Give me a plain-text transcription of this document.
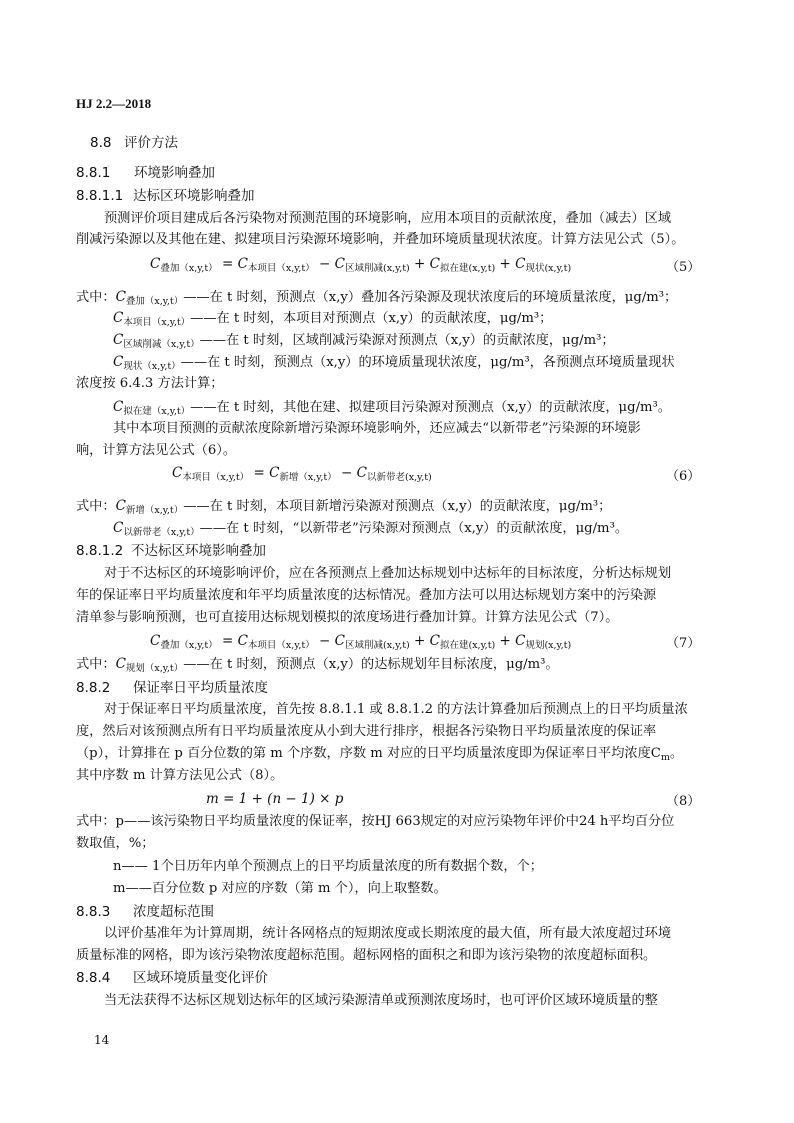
HJ 2.2—2018
8.8 评价方法
8.8.1 环境影响叠加
8.8.1.1 达标区环境影响叠加
预测评价项目建成后各污染物对预测范围的环境影响，应用本项目的贡献浓度，叠加（减去）区域
削减污染源以及其他在建、拟建项目污染源环境影响，并叠加环境质量现状浓度。计算方法见公式（5）。
$C_{叠加(x,y,t)} = C_{本项目(x,y,t)} - C_{区域削减(x,y,t)} + C_{拟在建(x,y,t)} + C_{现状(x,y,t)}$	（5）
式中：$C_{叠加(x,y,t)}——$在 t 时刻，预测点（x,y）叠加各污染源及现状浓度后的环境质量浓度，μg/m³；
$C_{本项目(x,y,t)}——$在 t 时刻，本项目对预测点（x,y）的贡献浓度，μg/m³；
$C_{区域削减(x,y,t)}——$在 t 时刻，区域削减污染源对预测点（x,y）的贡献浓度，μg/m³；
$C_{现状(x,y,t)}——$在 t 时刻，预测点（x,y）的环境质量现状浓度，μg/m³，各预测点环境质量现状
浓度按 6.4.3 方法计算；
$C_{拟在建(x,y,t)}——$在 t 时刻，其他在建、拟建项目污染源对预测点（x,y）的贡献浓度，μg/m³。
其中本项目预测的贡献浓度除新增污染源环境影响外，还应减去“以新带老”污染源的环境影
响，计算方法见公式（6）。
$C_{本项目(x,y,t)} = C_{新增(x,y,t)} - C_{以新带老(x,y,t)}$	（6）
式中：$C_{新增(x,y,t)}——$在 t 时刻，本项目新增污染源对预测点（x,y）的贡献浓度，μg/m³；
$C_{以新带老(x,y,t)}——$在 t 时刻，“以新带老”污染源对预测点（x,y）的贡献浓度，μg/m³。
8.8.1.2 不达标区环境影响叠加
对于不达标区的环境影响评价，应在各预测点上叠加达标规划中达标年的目标浓度，分析达标规划
年的保证率日平均质量浓度和年平均质量浓度的达标情况。叠加方法可以用达标规划方案中的污染源
清单参与影响预测，也可直接用达标规划模拟的浓度场进行叠加计算。计算方法见公式（7）。
$C_{叠加(x,y,t)} = C_{本项目(x,y,t)} - C_{区域削减(x,y,t)} + C_{拟在建(x,y,t)} + C_{规划(x,y,t)}$	（7）
式中：$C_{规划(x,y,t)}——$在 t 时刻，预测点（x,y）的达标规划年目标浓度，μg/m³。
8.8.2 保证率日平均质量浓度
对于保证率日平均质量浓度，首先按 8.8.1.1 或 8.8.1.2 的方法计算叠加后预测点上的日平均质量浓
度，然后对该预测点所有日平均质量浓度从小到大进行排序，根据各污染物日平均质量浓度的保证率
（p），计算排在 p 百分位数的第 m 个序数，序数 m 对应的日平均质量浓度即为保证率日平均浓度$C_m$。
其中序数 m 计算方法见公式（8）。
m = 1 + (n − 1) × p	（8）
式中：p——该污染物日平均质量浓度的保证率，按HJ 663规定的对应污染物年评价中24 h平均百分位
数取值，%；
n—— 1个日历年内单个预测点上的日平均质量浓度的所有数据个数，个；
m——百分位数 p 对应的序数（第 m 个），向上取整数。
8.8.3 浓度超标范围
以评价基准年为计算周期，统计各网格点的短期浓度或长期浓度的最大值，所有最大浓度超过环境
质量标准的网格，即为该污染物浓度超标范围。超标网格的面积之和即为该污染物的浓度超标面积。
8.8.4 区域环境质量变化评价
当无法获得不达标区规划达标年的区域污染源清单或预测浓度场时，也可评价区域环境质量的整
14
